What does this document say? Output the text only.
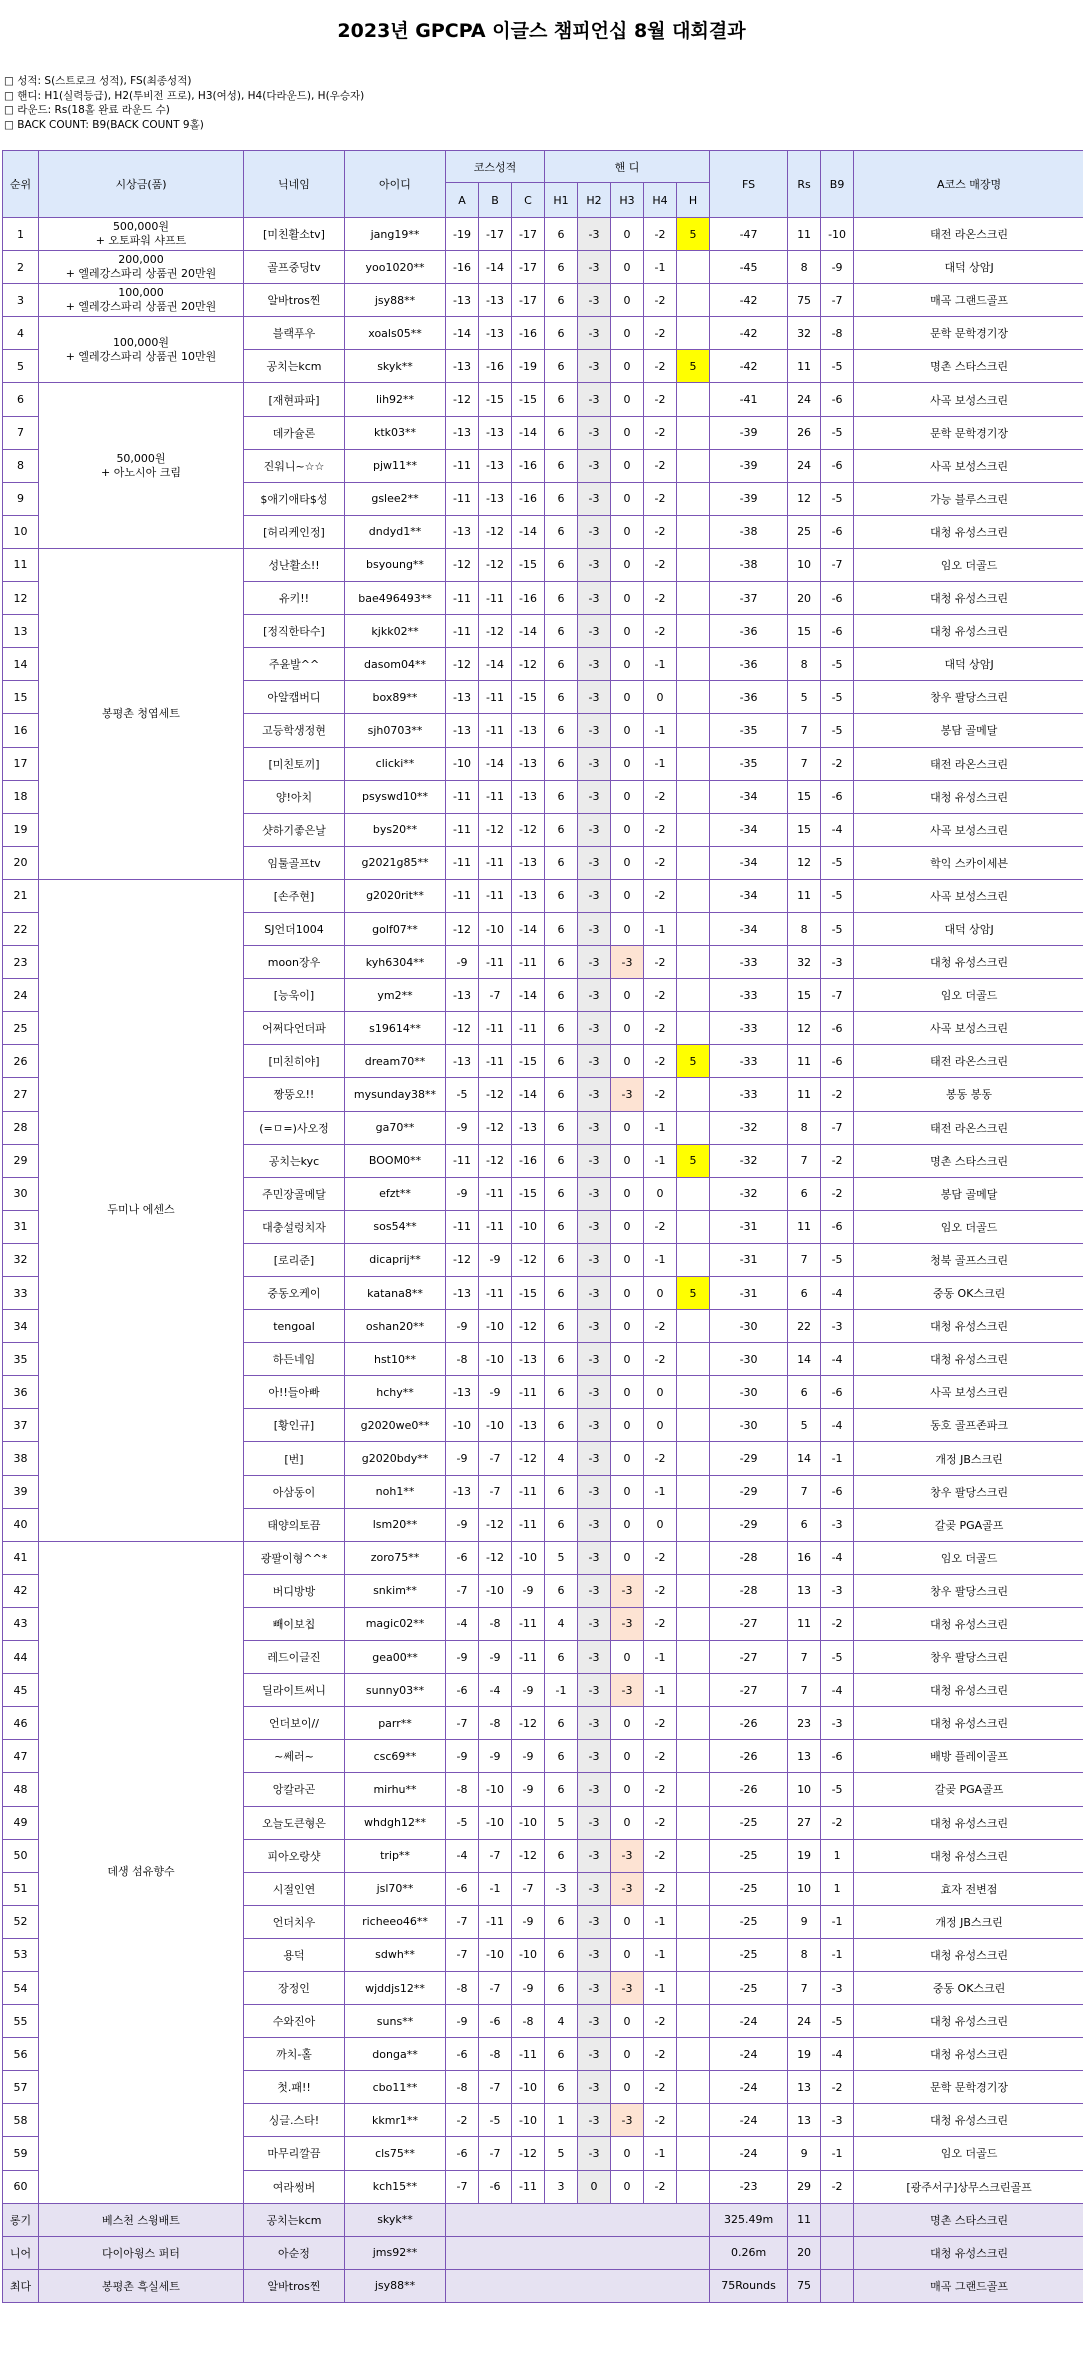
2023년 GPCPA 이글스 챔피언십 8월 대회결과
□ 성적: S(스트로크 성적), FS(최종성적)
□ 핸디: H1(실력등급), H2(투비전 프로), H3(여성), H4(다라운드), H(우승자)
□ 라운드: Rs(18홀 완료 라운드 수)
□ BACK COUNT: B9(BACK COUNT 9홀)
순위	시상금(품)	닉네임	아이디	코스성적			핸 디					FS	Rs	B9	A코스 매장명
				A	B	C	H1	H2	H3	H4	H				
1	500,000원
+ 오토파워 샤프트	[미친활소tv]	jang19**	-19	-17	-17	6	-3	0	-2	5	-47	11	-10	태전 라온스크린
2	200,000
+ 엘레강스파리 상품권 20만원	골프중딩tv	yoo1020**	-16	-14	-17	6	-3	0	-1		-45	8	-9	대덕 상암J
3	100,000
+ 엘레강스파리 상품권 20만원	알바tros찐	jsy88**	-13	-13	-17	6	-3	0	-2		-42	75	-7	매곡 그랜드골프
4	100,000원
+ 엘레강스파리 상품권 10만원	블랙푸우	xoals05**	-14	-13	-16	6	-3	0	-2		-42	32	-8	문학 문학경기장
5		공치는kcm	skyk**	-13	-16	-19	6	-3	0	-2	5	-42	11	-5	명촌 스타스크린
6	50,000원
+ 아노시아 크림	[재현파파]	lih92**	-12	-15	-15	6	-3	0	-2		-41	24	-6	사곡 보성스크린
7		데카슐론	ktk03**	-13	-13	-14	6	-3	0	-2		-39	26	-5	문학 문학경기장
8		진워니~☆☆	pjw11**	-11	-13	-16	6	-3	0	-2		-39	24	-6	사곡 보성스크린
9		$애기애타$성	gslee2**	-11	-13	-16	6	-3	0	-2		-39	12	-5	가능 블루스크린
10		[허리케인정]	dndyd1**	-13	-12	-14	6	-3	0	-2		-38	25	-6	대청 유성스크린
11	봉평촌 청엽세트	성난활소!!	bsyoung**	-12	-12	-15	6	-3	0	-2		-38	10	-7	임오 더골드
12		유키!!	bae496493**	-11	-11	-16	6	-3	0	-2		-37	20	-6	대청 유성스크린
13		[정직한타수]	kjkk02**	-11	-12	-14	6	-3	0	-2		-36	15	-6	대청 유성스크린
14		주윤발^^	dasom04**	-12	-14	-12	6	-3	0	-1		-36	8	-5	대덕 상암J
15		아알캡버디	box89**	-13	-11	-15	6	-3	0	0		-36	5	-5	창우 팔당스크린
16		고등학생정현	sjh0703**	-13	-11	-13	6	-3	0	-1		-35	7	-5	봉담 골메달
17		[미친토끼]	clicki**	-10	-14	-13	6	-3	0	-1		-35	7	-2	태전 라온스크린
18		양!아치	psyswd10**	-11	-11	-13	6	-3	0	-2		-34	15	-6	대청 유성스크린
19		샷하기좋은날	bys20**	-11	-12	-12	6	-3	0	-2		-34	15	-4	사곡 보성스크린
20		임툴골프tv	g2021g85**	-11	-11	-13	6	-3	0	-2		-34	12	-5	학익 스카이세븐
21	두미나 에센스	[손주현]	g2020rit**	-11	-11	-13	6	-3	0	-2		-34	11	-5	사곡 보성스크린
22		SJ언더1004	golf07**	-12	-10	-14	6	-3	0	-1		-34	8	-5	대덕 상암J
23		moon장우	kyh6304**	-9	-11	-11	6	-3	-3	-2		-33	32	-3	대청 유성스크린
24		[능욱이]	ym2**	-13	-7	-14	6	-3	0	-2		-33	15	-7	임오 더골드
25		어쩌다언더파	s19614**	-12	-11	-11	6	-3	0	-2		-33	12	-6	사곡 보성스크린
26		[미친히야]	dream70**	-13	-11	-15	6	-3	0	-2	5	-33	11	-6	태전 라온스크린
27		짱뚱오!!	mysunday38**	-5	-12	-14	6	-3	-3	-2		-33	11	-2	봉동 봉동
28		(=ㅁ=)사오정	ga70**	-9	-12	-13	6	-3	0	-1		-32	8	-7	태전 라온스크린
29		공치는kyc	BOOM0**	-11	-12	-16	6	-3	0	-1	5	-32	7	-2	명촌 스타스크린
30		주민장골메달	efzt**	-9	-11	-15	6	-3	0	0		-32	6	-2	봉담 골메달
31		대충설렁치자	sos54**	-11	-11	-10	6	-3	0	-2		-31	11	-6	임오 더골드
32		[로리준]	dicaprij**	-12	-9	-12	6	-3	0	-1		-31	7	-5	청북 골프스크린
33		중동오케이	katana8**	-13	-11	-15	6	-3	0	0	5	-31	6	-4	중동 OK스크린
34		tengoal	oshan20**	-9	-10	-12	6	-3	0	-2		-30	22	-3	대청 유성스크린
35		하든네임	hst10**	-8	-10	-13	6	-3	0	-2		-30	14	-4	대청 유성스크린
36		아!!들아빠	hchy**	-13	-9	-11	6	-3	0	0		-30	6	-6	사곡 보성스크린
37		[황인규]	g2020we0**	-10	-10	-13	6	-3	0	0		-30	5	-4	동호 골프존파크
38		[번]	g2020bdy**	-9	-7	-12	4	-3	0	-2		-29	14	-1	개정 JB스크린
39		아삼동이	noh1**	-13	-7	-11	6	-3	0	-1		-29	7	-6	창우 팔당스크린
40		태양의토끔	lsm20**	-9	-12	-11	6	-3	0	0		-29	6	-3	갈곶 PGA골프
41	데생 섬유향수	광팔이형^^*	zoro75**	-6	-12	-10	5	-3	0	-2		-28	16	-4	임오 더골드
42		버디방방	snkim**	-7	-10	-9	6	-3	-3	-2		-28	13	-3	창우 팔당스크린
43		빼이보칩	magic02**	-4	-8	-11	4	-3	-3	-2		-27	11	-2	대청 유성스크린
44		레드이글진	gea00**	-9	-9	-11	6	-3	0	-1		-27	7	-5	창우 팔당스크린
45		딜라이트써니	sunny03**	-6	-4	-9	-1	-3	-3	-1		-27	7	-4	대청 유성스크린
46		언더보이//	parr**	-7	-8	-12	6	-3	0	-2		-26	23	-3	대청 유성스크린
47		~쎄러~	csc69**	-9	-9	-9	6	-3	0	-2		-26	13	-6	배방 플레이골프
48		앙칼라곤	mirhu**	-8	-10	-9	6	-3	0	-2		-26	10	-5	갈곶 PGA골프
49		오늘도큰형은	whdgh12**	-5	-10	-10	5	-3	0	-2		-25	27	-2	대청 유성스크린
50		피아오랑샷	trip**	-4	-7	-12	6	-3	-3	-2		-25	19	1	대청 유성스크린
51		시절인연	jsl70**	-6	-1	-7	-3	-3	-3	-2		-25	10	1	효자 전변점
52		언더치우	richeeo46**	-7	-11	-9	6	-3	0	-1		-25	9	-1	개정 JB스크린
53		용덕	sdwh**	-7	-10	-10	6	-3	0	-1		-25	8	-1	대청 유성스크린
54		장정인	wjddjs12**	-8	-7	-9	6	-3	-3	-1		-25	7	-3	중동 OK스크린
55		수와진아	suns**	-9	-6	-8	4	-3	0	-2		-24	24	-5	대청 유성스크린
56		까치-홀	donga**	-6	-8	-11	6	-3	0	-2		-24	19	-4	대청 유성스크린
57		첫.패!!	cbo11**	-8	-7	-10	6	-3	0	-2		-24	13	-2	문학 문학경기장
58		싱글.스타!	kkmr1**	-2	-5	-10	1	-3	-3	-2		-24	13	-3	대청 유성스크린
59		마무리깔끔	cls75**	-6	-7	-12	5	-3	0	-1		-24	9	-1	임오 더골드
60		여라썽버	kch15**	-7	-6	-11	3	0	0	-2		-23	29	-2	[광주서구]상무스크린골프
롱기	베스천 스윙배트	공치는kcm	skyk**									325.49m	11		명촌 스타스크린
니어	다이아윙스 퍼터	아순정	jms92**									0.26m	20		대청 유성스크린
최다	봉평촌 흑실세트	알바tros찐	jsy88**									75Rounds	75		매곡 그랜드골프
